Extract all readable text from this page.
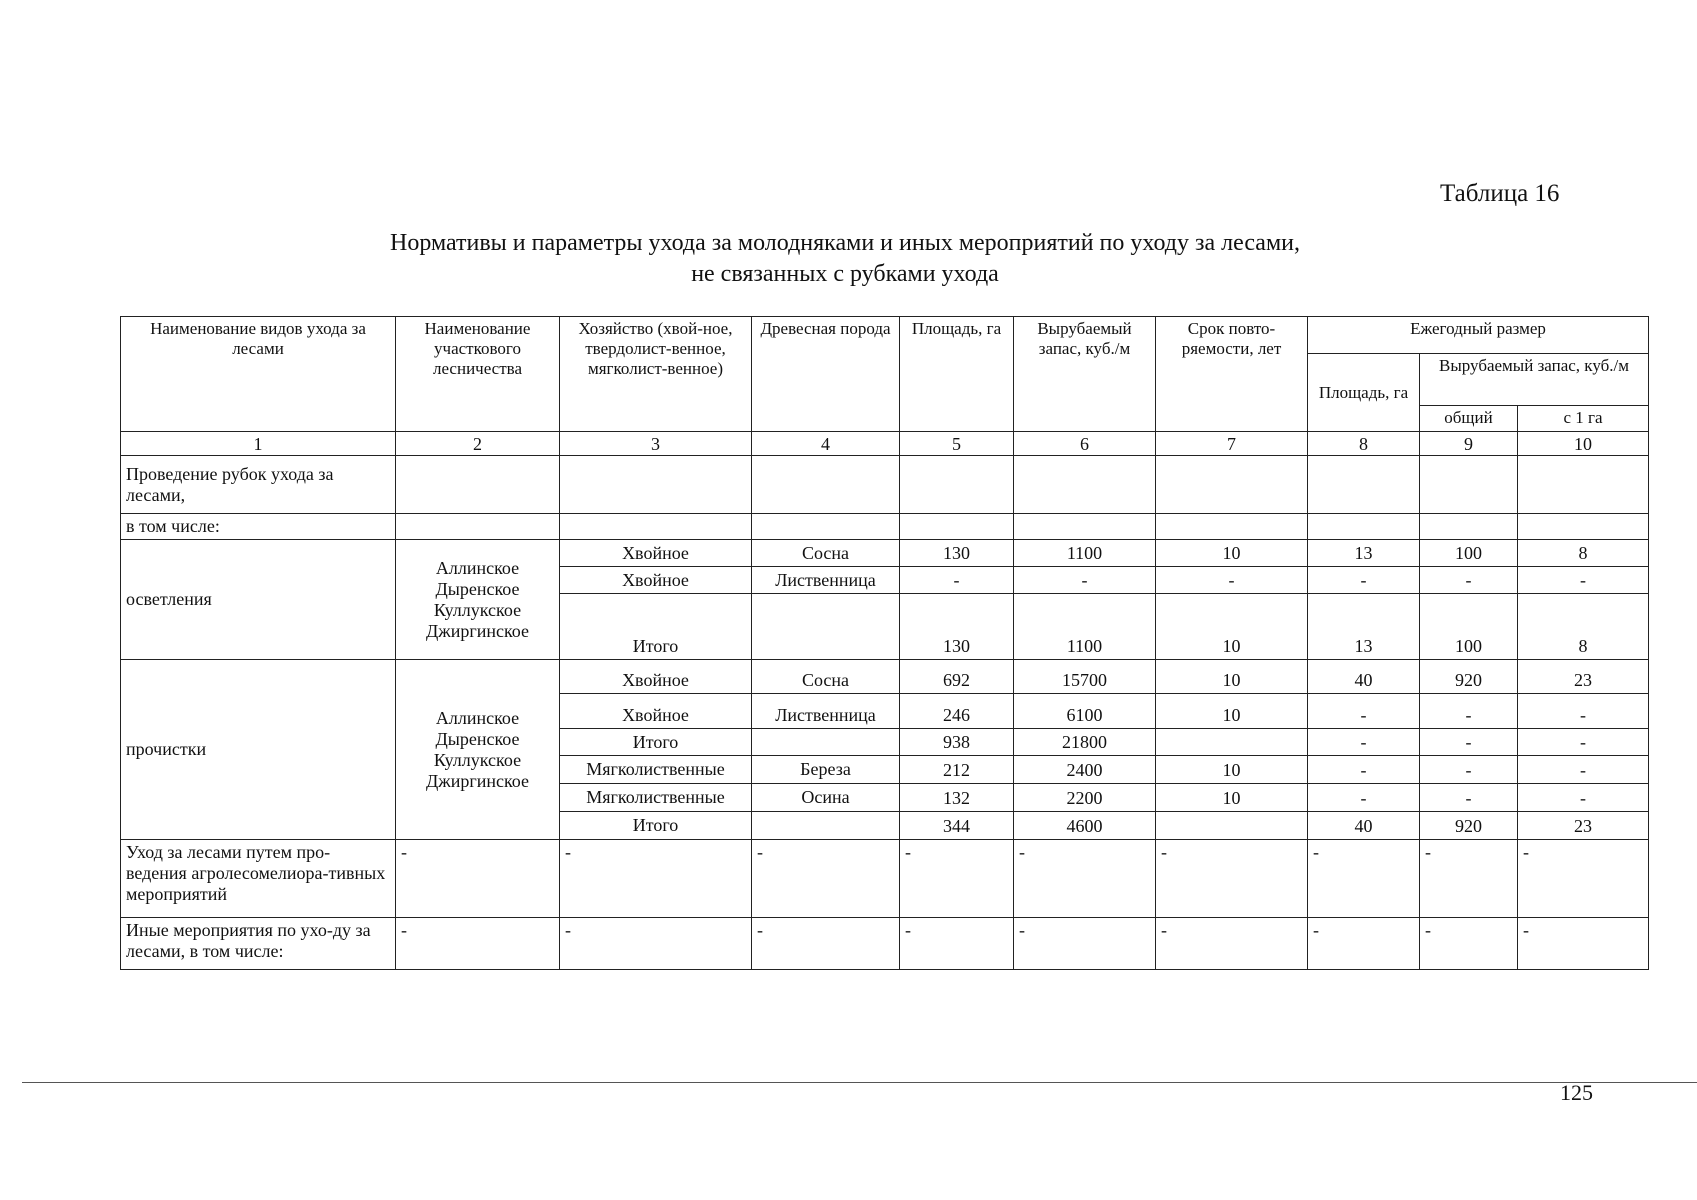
Таблица 16
Нормативы и параметры ухода за молодняками и иных мероприятий по уходу за лесами,
не связанных с рубками ухода
Наименование видов ухода за лесами	Наименование участкового лесничества	Хозяйство (хвой-ное, твердолист-венное, мягколист-венное)	Древесная порода	Площадь, га	Вырубаемый запас, куб./м	Срок повто-ряемости, лет	Ежегодный размер		
							Площадь, га	Вырубаемый запас, куб./м	
								общий	с 1 га
1	2	3	4	5	6	7	8	9	10
Проведение рубок ухода за лесами,									
в том числе:									
осветления	Аллинское
Дыренское
Куллукское
Джиргинское	Хвойное	Сосна	130	1100	10	13	100	8
		Хвойное	Лиственница	-	-	-	-	-	-
		Итого		130	1100	10	13	100	8
прочистки	Аллинское
Дыренское
Куллукское
Джиргинское	Хвойное	Сосна	692	15700	10	40	920	23
		Хвойное	Лиственница	246	6100	10	-	-	-
		Итого		938	21800		-	-	-
		Мягколиственные	Береза	212	2400	10	-	-	-
		Мягколиственные	Осина	132	2200	10	-	-	-
		Итого		344	4600		40	920	23
Уход за лесами путем про-ведения агролесомелиора-тивных мероприятий	-	-	-	-	-	-	-	-	-
Иные мероприятия по ухо-ду за лесами, в том числе:	-	-	-	-	-	-	-	-	-
125
